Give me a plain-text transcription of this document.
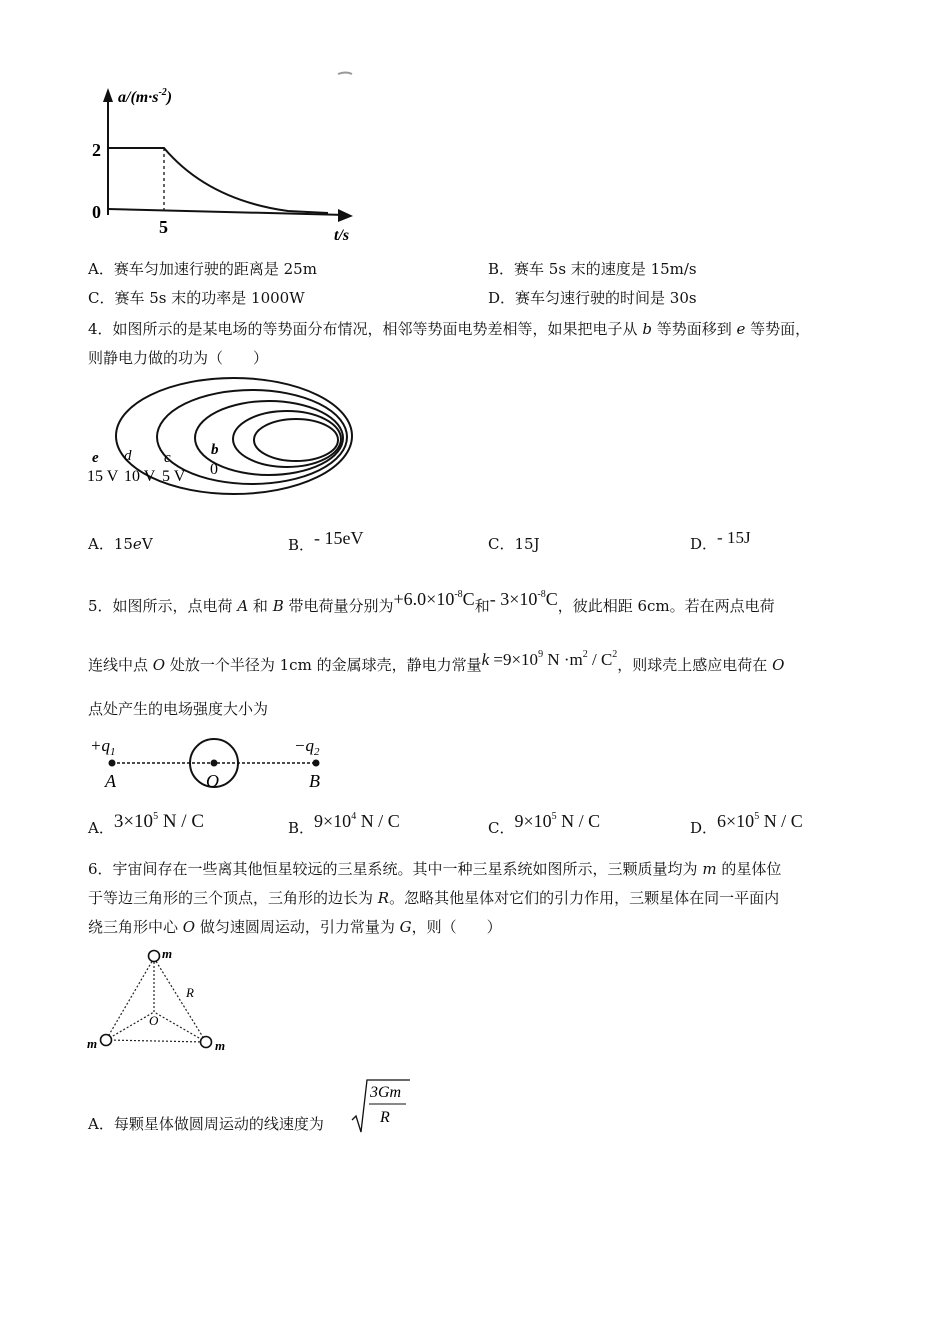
$a/(m\cdot s^{-2})$
2
0
5	t/s
A．赛车匀加速行驶的距离是 25m	B．赛车 5s 末的速度是 15m/s
C．赛车 5s 末的功率是 1000W	D．赛车匀速行驶的时间是 30s
4．如图所示的是某电场的等势面分布情况，相邻等势面电势差相等，如果把电子从 b 等势面移到 e 等势面，
则静电力做的功为（　　）
e d c	b
15 V 10 V 5 V 0
A．15eV	B．- 15eV	C．15J	D．- 15J
5．如图所示，点电荷 A 和 B 带电荷量分别为$+6.0\times 10^{-8}C$和- $3\times 10^{-8}C$，彼此相距 6cm。若在两点电荷
连线中点 O 处放一个半径为 1cm 的金属球壳，静电力常量$k =9\times 10^9$ $N \cdot m^2 / C^2$，则球壳上感应电荷在 O
点处产生的电场强度大小为
$+q_1$	$-q_2$
A	O	B
A．$3\times 10^5$ N / C	B．$9\times 10^4$ N / C	C．$9\times 10^5$ N / C	D．$6\times 10^5$ N / C
6．宇宙间存在一些离其他恒星较远的三星系统。其中一种三星系统如图所示，三颗质量均为 m 的星体位
于等边三角形的三个顶点，三角形的边长为 R。忽略其他星体对它们的引力作用，三颗星体在同一平面内
绕三角形中心 O 做匀速圆周运动，引力常量为 G，则（　　）
m
m	m
R
O
A．每颗星体做圆周运动的线速度为
3Gm
R
